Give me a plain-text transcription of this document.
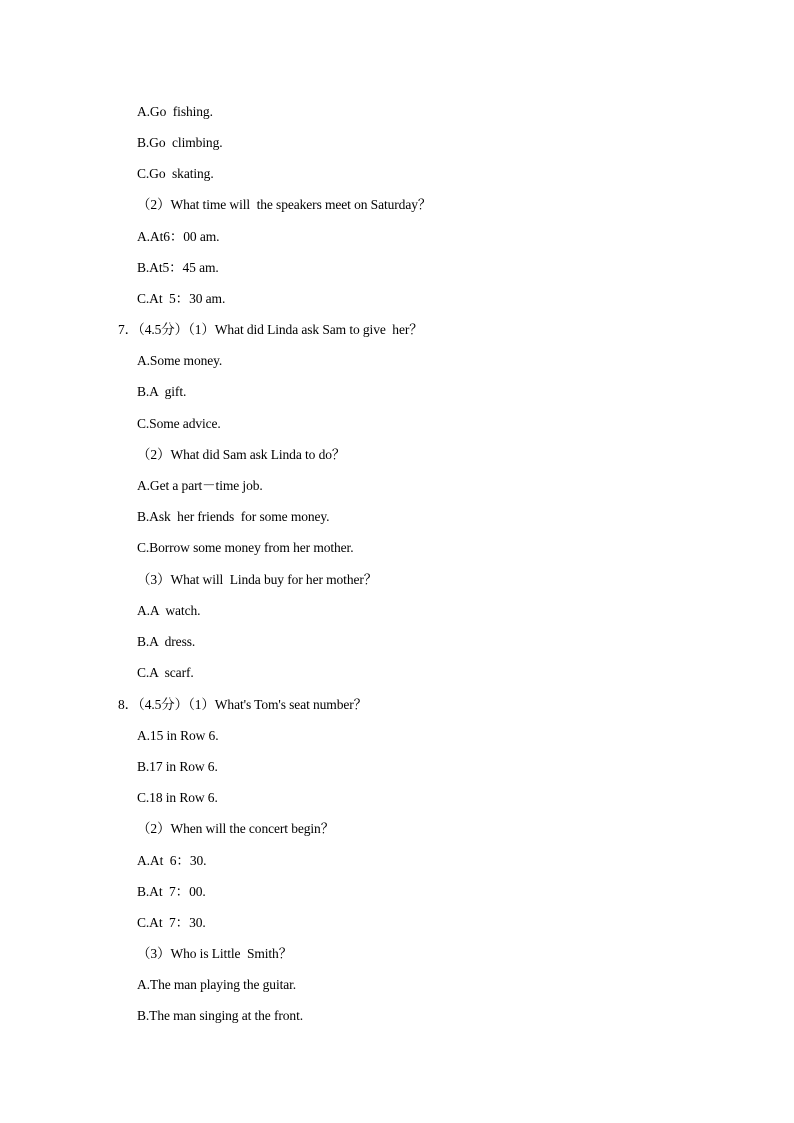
A.Go  fishing.
B.Go  climbing.
C.Go  skating.
（2）What time will  the speakers meet on Saturday？
A.At6：00 am.
B.At5：45 am.
C.At  5：30 am.
7．（4.5分）（1）What did Linda ask Sam to give  her？
A.Some money.
B.A  gift.
C.Some advice.
（2）What did Sam ask Linda to do？
A.Get a part－time job.
B.Ask  her friends  for some money.
C.Borrow some money from her mother.
（3）What will  Linda buy for her mother？
A.A  watch.
B.A  dress.
C.A  scarf.
8．（4.5分）（1）What's Tom's seat number？
A.15 in Row 6.
B.17 in Row 6.
C.18 in Row 6.
（2）When will the concert begin？
A.At  6：30.
B.At  7：00.
C.At  7：30.
（3）Who is Little  Smith？
A.The man playing the guitar.
B.The man singing at the front.
